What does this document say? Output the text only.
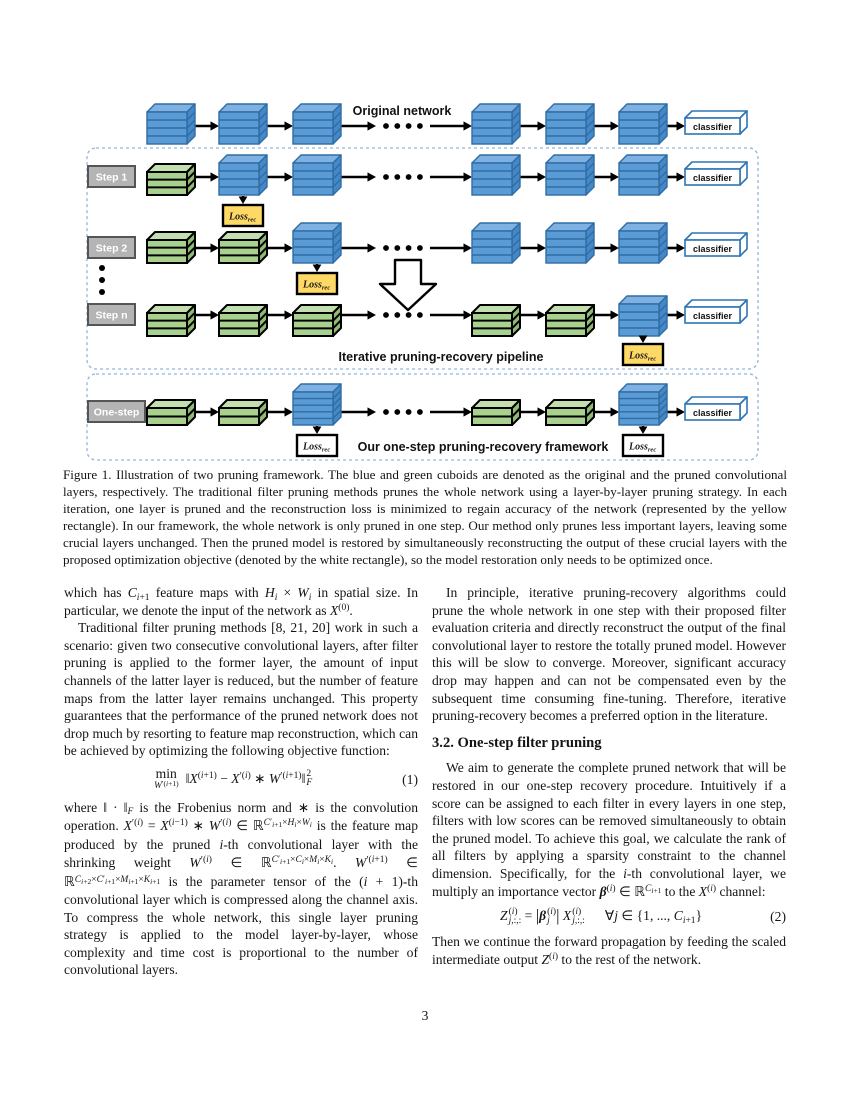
classifier
Original network
Loss$_{rec}$
classifier
Step 1
Loss$_{rec}$
classifier
Step 2
Loss$_{rec}$
classifier
Step n
Loss$_{rec}$	Loss$_{rec}$
classifier
One-step
Iterative pruning-recovery pipeline
Our one-step pruning-recovery framework

Figure 1. Illustration of two pruning framework. The blue and green cuboids are denoted as the original and the pruned convolutional layers, respectively. The traditional filter pruning methods prunes the whole network using a layer-by-layer pruning strategy. In each iteration, one layer is pruned and the reconstruction loss is minimized to regain accuracy of the network (represented by the yellow rectangle). In our framework, the whole network is only pruned in one step. Our method only prunes less important layers, leaving some crucial layers unchanged. Then the pruned model is restored by simultaneously reconstructing the output of these crucial layers with the proposed optimization objective (denoted by the white rectangle), so the model restoration only needs to be optimized once.

which has $C_{i+1}$ feature maps with $H_i \times W_i$ in spatial size. In particular, we denote the input of the network as $X^{(0)}$.

Traditional filter pruning methods [8, 21, 20] work in such a scenario: given two consecutive convolutional layers, after filter pruning is applied to the former layer, the amount of input channels of the latter layer is reduced, but the number of feature maps from the latter layer remains unchanged. This property guarantees that the performance of the pruned network does not drop much by resorting to feature map reconstruction, which can be achieved by optimizing the following objective function:

min
$W^{'(i+1)}$ $‖X^{(i+1)} - X^{'(i)}$ ∗ $W^{'(i+1)}‖$ 2
F	(1)

where ‖ · $‖_F$ is the Frobenius norm and ∗ is the convolution operation. $X^{'(i)} = X^{(i-1)}$ ∗ $W^{'(i)}$ ∈ ℝ$^{C'_{i+1}\times H_i\times W_i}$ is the feature map produced by the pruned i-th convolutional layer with the shrinking weight $W^{'(i)}$ ∈ ℝ$^{C'_{i+1}\times C_i\times M_i\times K_i}$. $W^{'(i+1)}$ ∈ ℝ$^{C_{i+2}\times C'_{i+1}\times M_{i+1}\times K_{i+1}}$ is the parameter tensor of the (i + 1)-th convolutional layer which is compressed along the channel axis. To compress the whole network, this single layer pruning strategy is applied to the model layer-by-layer, whose complexity and time cost is proportional to the number of convolutional layers.

In principle, iterative pruning-recovery algorithms could prune the whole network in one step with their proposed filter evaluation criteria and directly reconstruct the output of the final convolutional layer to restore the totally pruned model. However this will be slow to converge. Moreover, significant accuracy drop may happen and can not be compensated even by the subsequent time consuming fine-tuning. Therefore, iterative pruning-recovery becomes a preferred option in the literature.

3.2. One-step filter pruning

We aim to generate the complete pruned network that will be restored in our one-step recovery procedure. Intuitively if a score can be assigned to each filter in every layers in one step, filters with low scores can be removed simultaneously to obtain the pruned model. To achieve this goal, we calculate the rank of all filters by applying a sparsity constraint to the channel dimension. Specifically, for the i-th convolutional layer, we multiply an importance vector $\beta^{(i)}$ ∈ ℝ$^{C_{i+1}}$ to the $X^{(i)}$ channel:

Z (i)
j,:,: = |β (i)
j | X (i)
j,:,: ∀j ∈ {1, ..., $C_{i+1}$}	(2)

Then we continue the forward propagation by feeding the scaled intermediate output $Z^{(i)}$ to the rest of the network.

3
